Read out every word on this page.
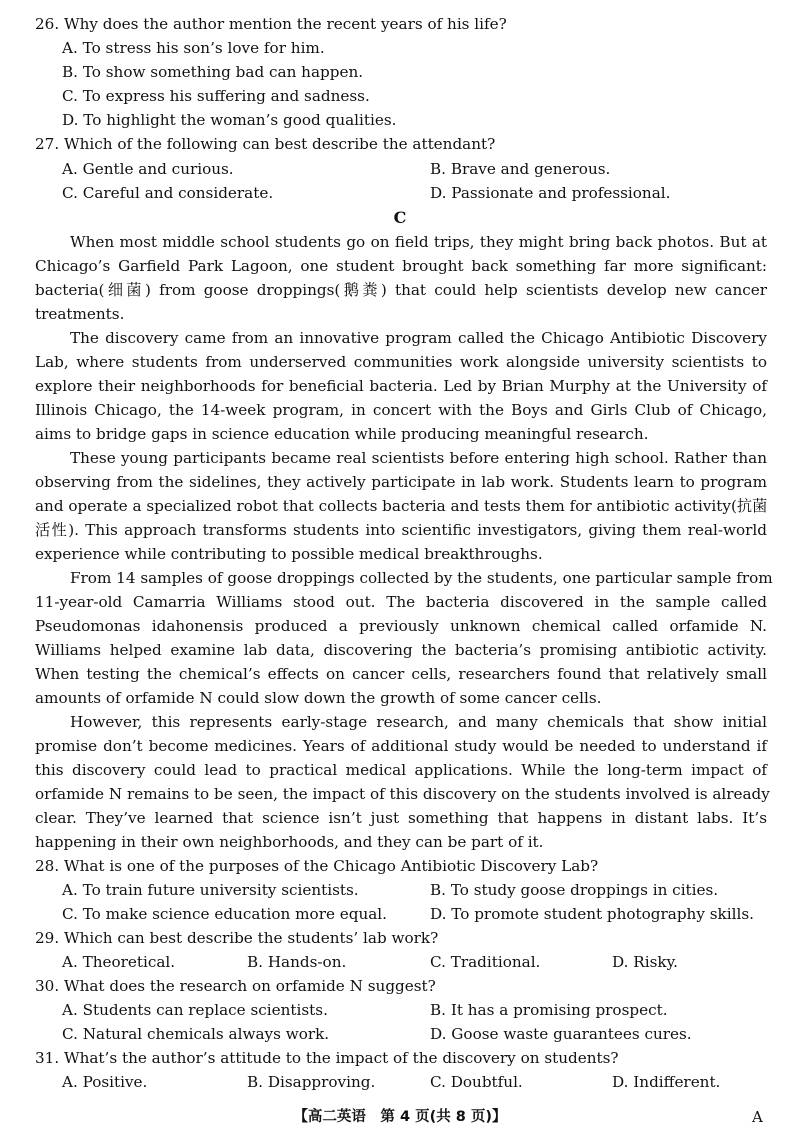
26. Why does the author mention the recent years of his life?
A. To stress his son’s love for him.
B. To show something bad can happen.
C. To express his suffering and sadness.
D. To highlight the woman’s good qualities.
27. Which of the following can best describe the attendant?
A. Gentle and curious.	B. Brave and generous.
C. Careful and considerate.	D. Passionate and professional.
C
When most middle school students go on field trips, they might bring back photos. But at
Chicago’s Garfield Park Lagoon, one student brought back something far more significant:
bacteria(细菌) from goose droppings(鹅粪) that could help scientists develop new cancer
treatments.
The discovery came from an innovative program called the Chicago Antibiotic Discovery
Lab, where students from underserved communities work alongside university scientists to
explore their neighborhoods for beneficial bacteria. Led by Brian Murphy at the University of
Illinois Chicago, the 14-week program, in concert with the Boys and Girls Club of Chicago,
aims to bridge gaps in science education while producing meaningful research.
These young participants became real scientists before entering high school. Rather than
observing from the sidelines, they actively participate in lab work. Students learn to program
and operate a specialized robot that collects bacteria and tests them for antibiotic activity(抗菌
活性). This approach transforms students into scientific investigators, giving them real-world
experience while contributing to possible medical breakthroughs.
From 14 samples of goose droppings collected by the students, one particular sample from
11-year-old Camarria Williams stood out. The bacteria discovered in the sample called
Pseudomonas idahonensis produced a previously unknown chemical called orfamide N.
Williams helped examine lab data, discovering the bacteria’s promising antibiotic activity.
When testing the chemical’s effects on cancer cells, researchers found that relatively small
amounts of orfamide N could slow down the growth of some cancer cells.
However, this represents early-stage research, and many chemicals that show initial
promise don’t become medicines. Years of additional study would be needed to understand if
this discovery could lead to practical medical applications. While the long-term impact of
orfamide N remains to be seen, the impact of this discovery on the students involved is already
clear. They’ve learned that science isn’t just something that happens in distant labs. It’s
happening in their own neighborhoods, and they can be part of it.
28. What is one of the purposes of the Chicago Antibiotic Discovery Lab?
A. To train future university scientists.	B. To study goose droppings in cities.
C. To make science education more equal.	D. To promote student photography skills.
29. Which can best describe the students’ lab work?
A. Theoretical.	B. Hands-on.	C. Traditional.	D. Risky.
30. What does the research on orfamide N suggest?
A. Students can replace scientists.	B. It has a promising prospect.
C. Natural chemicals always work.	D. Goose waste guarantees cures.
31. What’s the author’s attitude to the impact of the discovery on students?
A. Positive.	B. Disapproving.	C. Doubtful.	D. Indifferent.
【高二英语　第 4 页(共 8 页)】	A
